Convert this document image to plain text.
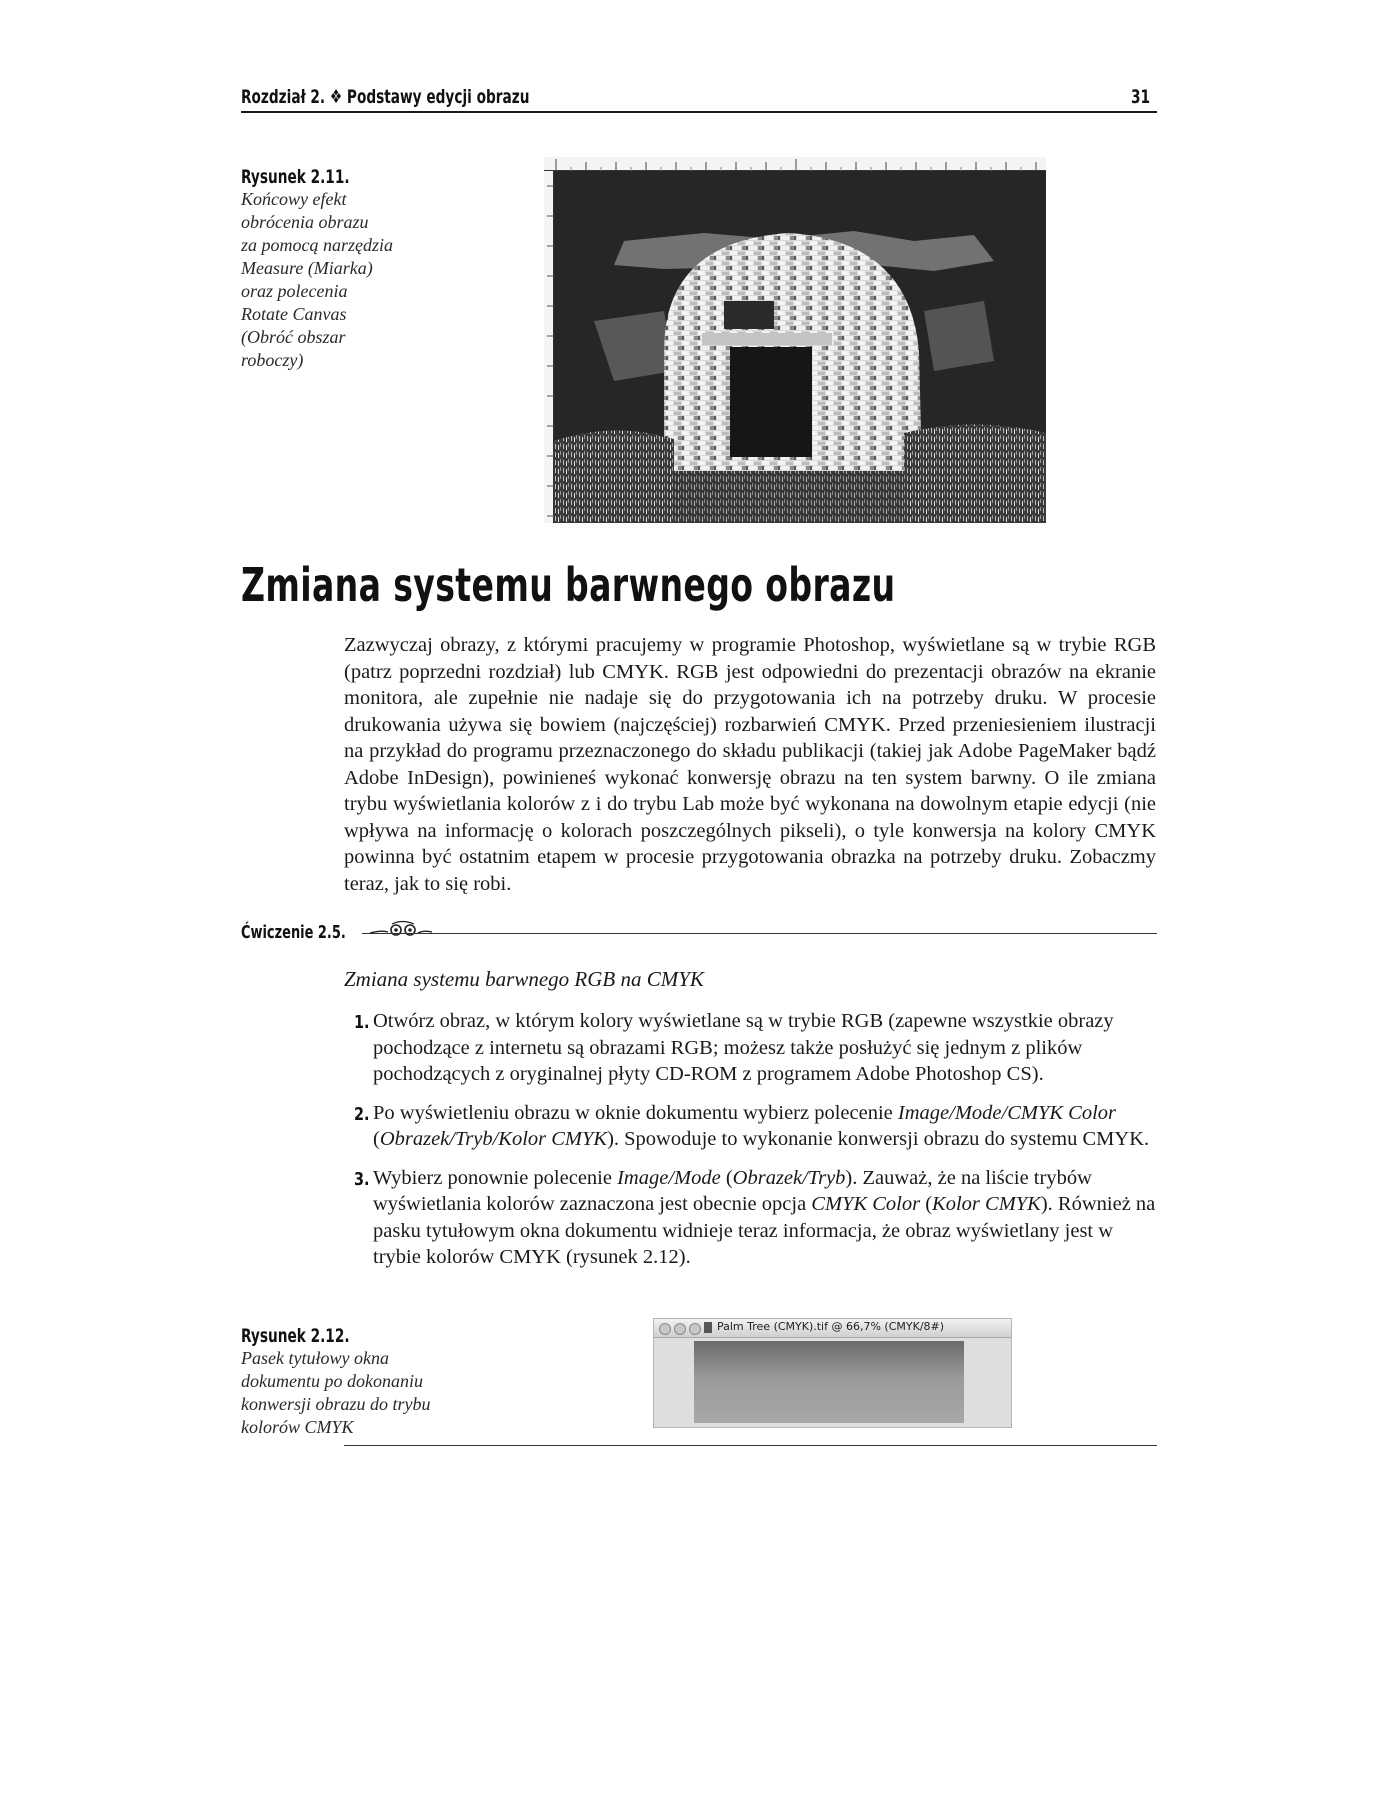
Rozdział 2. ❖ Podstawy edycji obrazu	31
Rysunek 2.11.
Końcowy efekt
obrócenia obrazu
za pomocą narzędzia
Measure (Miarka)
oraz polecenia
Rotate Canvas
(Obróć obszar
roboczy)
Zmiana systemu barwnego obrazu
Zazwyczaj obrazy, z którymi pracujemy w programie Photoshop, wyświetlane są w trybie RGB (patrz poprzedni rozdział) lub CMYK. RGB jest odpowiedni do prezentacji obrazów na ekranie monitora, ale zupełnie nie nadaje się do przygotowania ich na potrzeby druku. W procesie drukowania używa się bowiem (najczęściej) rozbarwień CMYK. Przed przeniesieniem ilustracji na przykład do programu przeznaczonego do składu publikacji (takiej jak Adobe PageMaker bądź Adobe InDesign), powinieneś wykonać konwersję obrazu na ten system barwny. O ile zmiana trybu wyświetlania kolorów z i do trybu Lab może być wykonana na dowolnym etapie edycji (nie wpływa na informację o kolorach poszczególnych pikseli), o tyle konwersja na kolory CMYK powinna być ostatnim etapem w procesie przygotowania obrazka na potrzeby druku. Zobaczmy teraz, jak to się robi.
Ćwiczenie 2.5.
Zmiana systemu barwnego RGB na CMYK
1. Otwórz obraz, w którym kolory wyświetlane są w trybie RGB (zapewne wszystkie obrazy pochodzące z internetu są obrazami RGB; możesz także posłużyć się jednym z plików pochodzących z oryginalnej płyty CD-ROM z programem Adobe Photoshop CS).
2. Po wyświetleniu obrazu w oknie dokumentu wybierz polecenie Image/Mode/CMYK Color (Obrazek/Tryb/Kolor CMYK). Spowoduje to wykonanie konwersji obrazu do systemu CMYK.
3. Wybierz ponownie polecenie Image/Mode (Obrazek/Tryb). Zauważ, że na liście trybów wyświetlania kolorów zaznaczona jest obecnie opcja CMYK Color (Kolor CMYK). Również na pasku tytułowym okna dokumentu widnieje teraz informacja, że obraz wyświetlany jest w trybie kolorów CMYK (rysunek 2.12).
Rysunek 2.12.
Pasek tytułowy okna
dokumentu po dokonaniu
konwersji obrazu do trybu
kolorów CMYK
Palm Tree (CMYK).tif @ 66,7% (CMYK/8#)
